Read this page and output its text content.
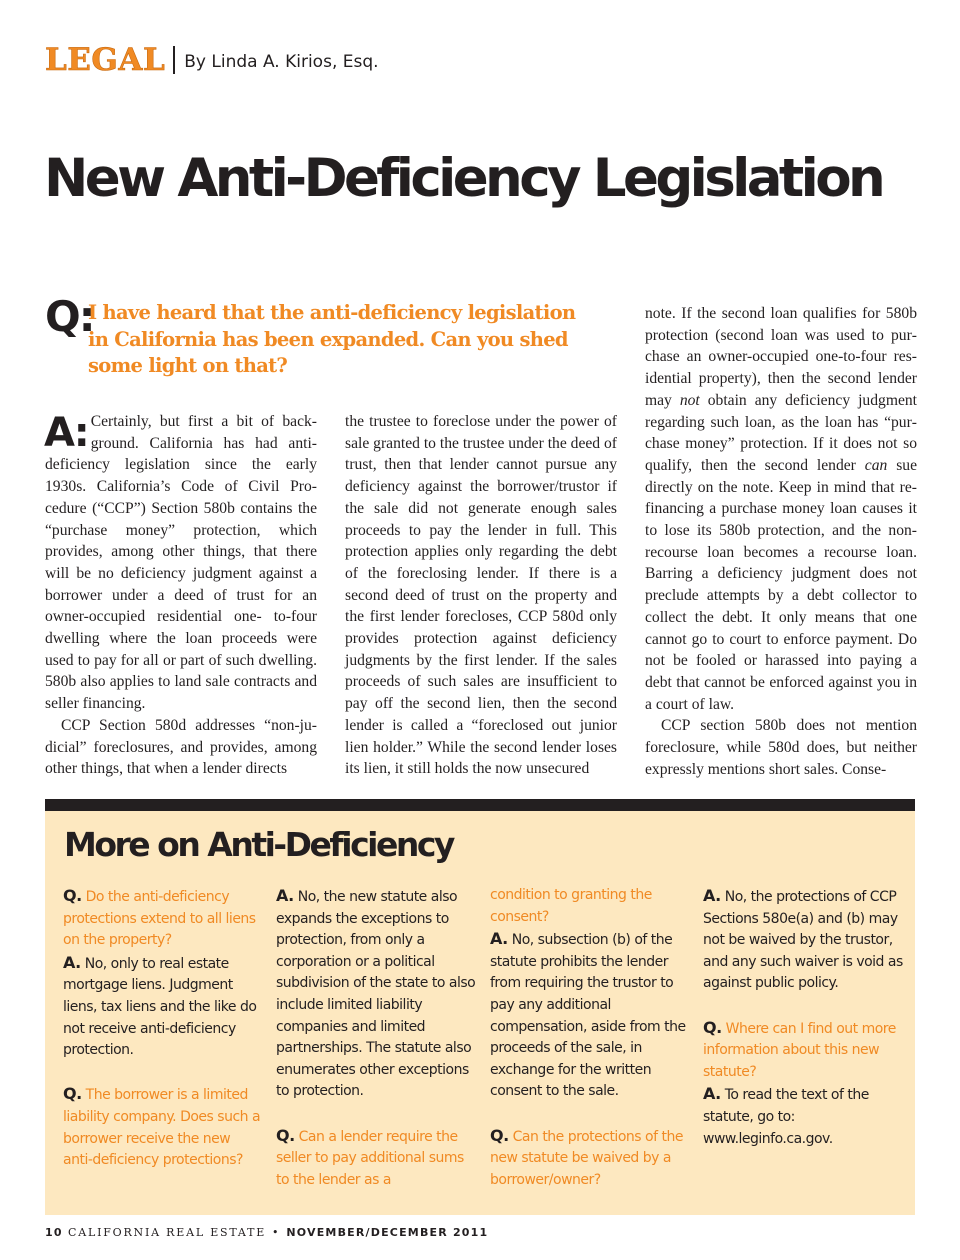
LEGAL By Linda A. Kirios, Esq.
New Anti-Deficiency Legislation
Q:
I have heard that the anti-deficiency legislation in California has been expanded. Can you shed some light on that?

A: Certainly, but first a bit of background. California has had anti-deficiency legislation since the early 1930s. California’s Code of Civil Procedure (“CCP”) Section 580b contains the “purchase money” protection, which provides, among other things, that there will be no deficiency judgment against a borrower under a deed of trust for an owner-occupied residential one- to-four dwelling where the loan proceeds were used to pay for all or part of such dwelling. 580b also applies to land sale contracts and seller financing.

CCP Section 580d addresses “non-judicial” foreclosures, and provides, among other things, that when a lender directs

the trustee to foreclose under the power of sale granted to the trustee under the deed of trust, then that lender cannot pursue any deficiency against the borrower/​trustor if the sale did not generate enough sales proceeds to pay the lender in full. This protection applies only regarding the debt of the foreclosing lender. If there is a second deed of trust on the property and the first lender forecloses, CCP 580d only provides protection against deficiency judgments by the first lender. If the sales proceeds of such sales are insufficient to pay off the second lien, then the second lender is called a “foreclosed out junior lien holder.” While the second lender loses its lien, it still holds the now unsecured

note. If the second loan qualifies for 580b protection (second loan was used to purchase an owner-occupied one-to-four residential property), then the second lender may not obtain any deficiency judgment regarding such loan, as the loan has “purchase money” protection. If it does not so qualify, then the second lender can sue directly on the note. Keep in mind that refinancing a purchase money loan causes it to lose its 580b protection, and the non-recourse loan becomes a recourse loan. Barring a deficiency judgment does not preclude attempts by a debt collector to collect the debt. It only means that one cannot go to court to enforce payment. Do not be fooled or harassed into paying a debt that cannot be enforced against you in a court of law.

CCP section 580b does not mention foreclosure, while 580d does, but neither expressly mentions short sales. Conse-

More on Anti-Deficiency
Q. Do the anti-deficiency protections extend to all liens on the property?
A. No, only to real estate mortgage liens. Judgment liens, tax liens and the like do not receive anti-deficiency protection.
Q. The borrower is a limited liability company. Does such a borrower receive the new anti-deficiency protections?
A. No, the new statute also expands the exceptions to protection, from only a corporation or a political subdivision of the state to also include limited liability companies and limited partnerships. The statute also enumerates other exceptions to protection.
Q. Can a lender require the seller to pay additional sums to the lender as a
condition to granting the consent?
A. No, subsection (b) of the statute prohibits the lender from requiring the trustor to pay any additional compensation, aside from the proceeds of the sale, in exchange for the written consent to the sale.
Q. Can the protections of the new statute be waived by a borrower/owner?
A. No, the protections of CCP Sections 580e(a) and (b) may not be waived by the trustor, and any such waiver is void as against public policy.
Q. Where can I find out more information about this new statute?
A. To read the text of the statute, go to: www.leginfo.ca.gov.
10 CALIFORNIA REAL ESTATE • NOVEMBER/DECEMBER 2011
